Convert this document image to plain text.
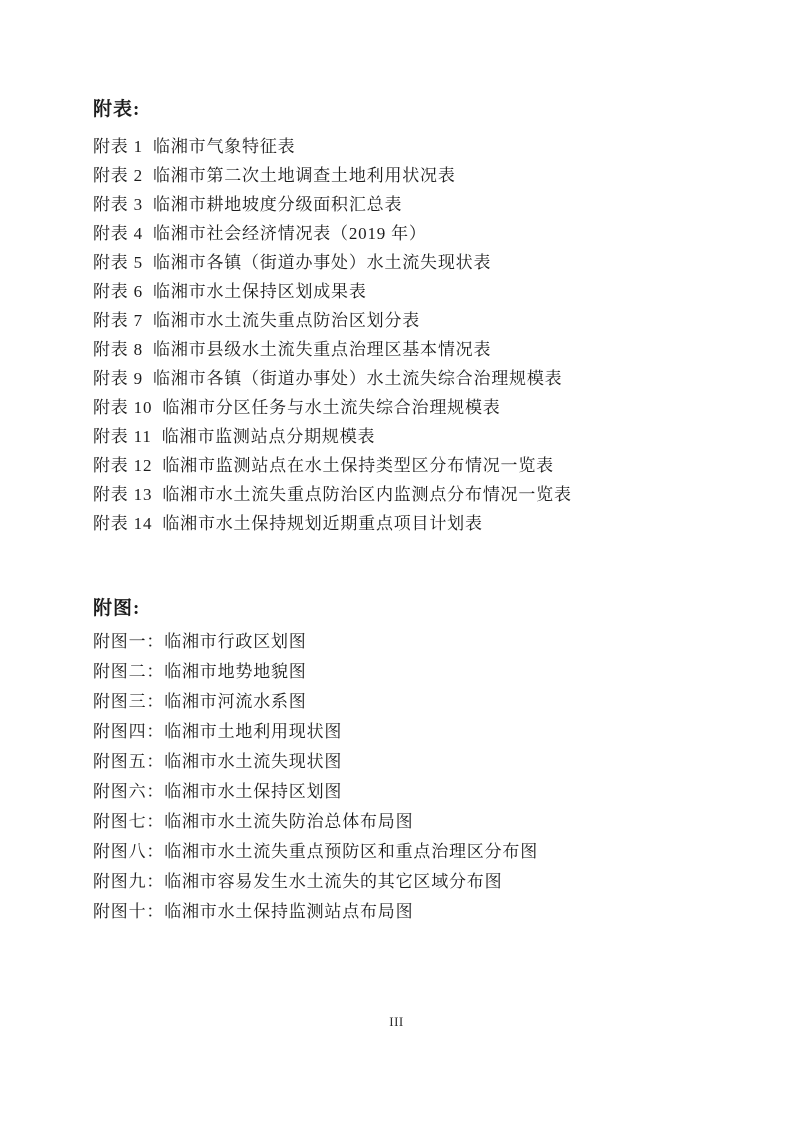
附表:
附表 1  临湘市气象特征表
附表 2  临湘市第二次土地调查土地利用状况表
附表 3  临湘市耕地坡度分级面积汇总表
附表 4  临湘市社会经济情况表（2019 年）
附表 5  临湘市各镇（街道办事处）水土流失现状表
附表 6  临湘市水土保持区划成果表
附表 7  临湘市水土流失重点防治区划分表
附表 8  临湘市县级水土流失重点治理区基本情况表
附表 9  临湘市各镇（街道办事处）水土流失综合治理规模表
附表 10  临湘市分区任务与水土流失综合治理规模表
附表 11  临湘市监测站点分期规模表
附表 12  临湘市监测站点在水土保持类型区分布情况一览表
附表 13  临湘市水土流失重点防治区内监测点分布情况一览表
附表 14  临湘市水土保持规划近期重点项目计划表
附图:
附图一：临湘市行政区划图
附图二：临湘市地势地貌图
附图三：临湘市河流水系图
附图四：临湘市土地利用现状图
附图五：临湘市水土流失现状图
附图六：临湘市水土保持区划图
附图七：临湘市水土流失防治总体布局图
附图八：临湘市水土流失重点预防区和重点治理区分布图
附图九：临湘市容易发生水土流失的其它区域分布图
附图十：临湘市水土保持监测站点布局图
III
